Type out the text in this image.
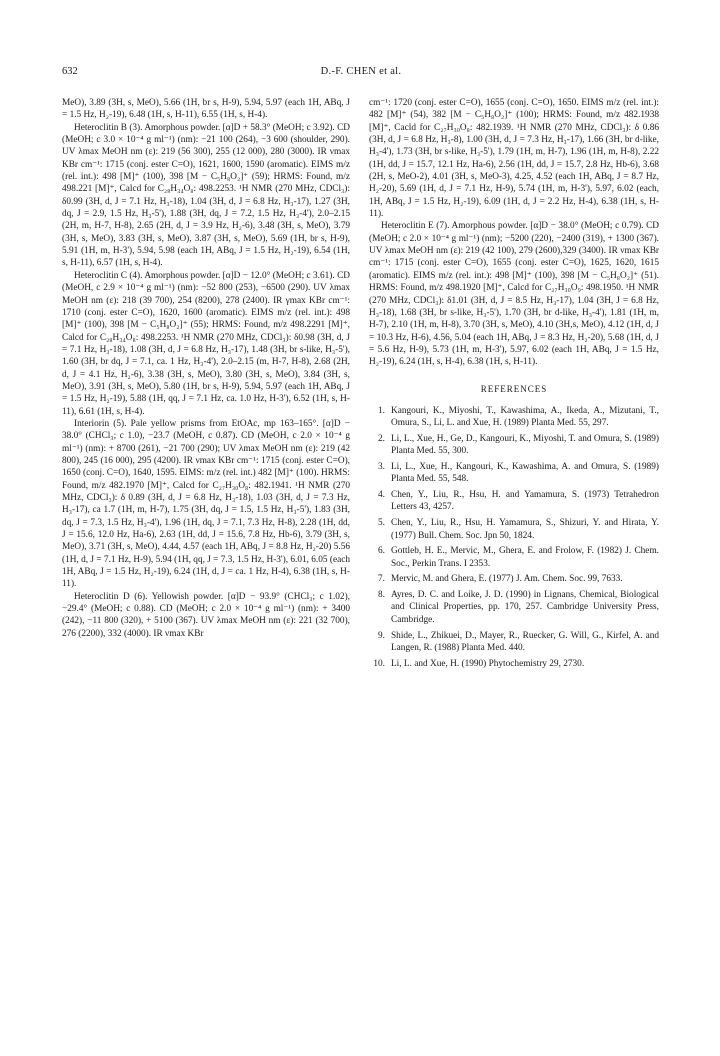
632	D.-F. CHEN et al.

MeO), 3.89 (3H, s, MeO), 5.66 (1H, br s, H-9), 5.94, 5.97 (each 1H, ABq, J = 1.5 Hz, H₂-19), 6.48 (1H, s, H-11), 6.55 (1H, s, H-4).

Heteroclitin B (3). Amorphous powder. [α]D + 58.3° (MeOH; c 3.92). CD (MeOH; c 3.0 × 10⁻⁴ g ml⁻¹) (nm): −21 100 (264), −3 600 (shoulder, 290). UV λmax MeOH nm (ε): 219 (56 300), 255 (12 000), 280 (3000). IR νmax KBr cm⁻¹: 1715 (conj. ester C=O), 1621, 1600, 1590 (aromatic). EIMS m/z (rel. int.): 498 [M]⁺ (100), 398 [M − C₅H₈O₂]⁺ (59); HRMS: Found, m/z 498.221 [M]⁺, Calcd for C₂₈H₃₄O₈: 498.2253. ¹H NMR (270 MHz, CDCl₃): δ0.99 (3H, d, J = 7.1 Hz, H₃-18), 1.04 (3H, d, J = 6.8 Hz, H₃-17), 1.27 (3H, dq, J = 2.9, 1.5 Hz, H₃-5'), 1.88 (3H, dq, J = 7.2, 1.5 Hz, H₃-4'), 2.0–2.15 (2H, m, H-7, H-8), 2.65 (2H, d, J = 3.9 Hz, H₂-6), 3.48 (3H, s, MeO), 3.79 (3H, s, MeO), 3.83 (3H, s, MeO), 3.87 (3H, s, MeO), 5.69 (1H, br s, H-9), 5.91 (1H, m, H-3'), 5.94, 5.98 (each 1H, ABq, J = 1.5 Hz, H₂-19), 6.54 (1H, s, H-11), 6.57 (1H, s, H-4).

Heteroclitin C (4). Amorphous powder. [α]D − 12.0° (MeOH; c 3.61). CD (MeOH, c 2.9 × 10⁻⁴ g ml⁻¹) (nm): −52 800 (253), −6500 (290). UV λmax MeOH nm (ε): 218 (39 700), 254 (8200), 278 (2400). IR γmax KBr cm⁻¹: 1710 (conj. ester C=O), 1620, 1600 (aromatic). EIMS m/z (rel. int.): 498 [M]⁺ (100), 398 [M − C₅H₈O₂]⁺ (55); HRMS: Found, m/z 498.2291 [M]⁺, Calcd for C₂₈H₃₄O₈: 498.2253. ¹H NMR (270 MHz, CDCl₃): δ0.98 (3H, d, J = 7.1 Hz, H₃-18), 1.08 (3H, d, J = 6.8 Hz, H₃-17), 1.48 (3H, br s-like, H₃-5'), 1.60 (3H, br dq, J = 7.1, ca. 1 Hz, H₃-4'), 2.0–2.15 (m, H-7, H-8), 2.68 (2H, d, J = 4.1 Hz, H₂-6), 3.38 (3H, s, MeO), 3.80 (3H, s, MeO), 3.84 (3H, s, MeO), 3.91 (3H, s, MeO), 5.80 (1H, br s, H-9), 5.94, 5.97 (each 1H, ABq, J = 1.5 Hz, H₂-19), 5.88 (1H, qq, J = 7.1 Hz, ca. 1.0 Hz, H-3'), 6.52 (1H, s, H-11), 6.61 (1H, s, H-4).

Interiorin (5). Pale yellow prisms from EtOAc, mp 163–165°. [α]D − 38.0° (CHCl₃; c 1.0), −23.7 (MeOH, c 0.87). CD (MeOH, c 2.0 × 10⁻⁴ g ml⁻¹) (nm): + 8700 (261), −21 700 (290); UV λmax MeOH nm (ε): 219 (42 800), 245 (16 000), 295 (4200). IR νmax KBr cm⁻¹: 1715 (conj. ester C=O), 1650 (conj. C=O), 1640, 1595. EIMS: m/z (rel. int.) 482 [M]⁺ (100). HRMS: Found, m/z 482.1970 [M]⁺, Calcd for C₂₇H₃₀O₈: 482.1941. ¹H NMR (270 MHz, CDCl₃): δ 0.89 (3H, d, J = 6.8 Hz, H₃-18), 1.03 (3H, d, J = 7.3 Hz, H₃-17), ca 1.7 (1H, m, H-7), 1.75 (3H, dq, J = 1.5, 1.5 Hz, H₃-5'), 1.83 (3H, dq, J = 7.3, 1.5 Hz, H₃-4'), 1.96 (1H, dq, J = 7.1, 7.3 Hz, H-8), 2.28 (1H, dd, J = 15.6, 12.0 Hz, Ha-6), 2.63 (1H, dd, J = 15.6, 7.8 Hz, Hb-6), 3.79 (3H, s, MeO), 3.71 (3H, s, MeO), 4.44, 4.57 (each 1H, ABq, J = 8.8 Hz, H₂-20) 5.56 (1H, d, J = 7.1 Hz, H-9), 5.94 (1H, qq, J = 7.3, 1.5 Hz, H-3'), 6.01, 6.05 (each 1H, ABq, J = 1.5 Hz, H₂-19), 6.24 (1H, d, J = ca. 1 Hz, H-4), 6.38 (1H, s, H-11).

Heteroclitin D (6). Yellowish powder. [α]D − 93.9° (CHCl₃; c 1.02), −29.4° (MeOH; c 0.88). CD (MeOH; c 2.0 × 10⁻⁴ g ml⁻¹) (nm): + 3400 (242), −11 800 (320), + 5100 (367). UV λmax MeOH nm (ε): 221 (32 700), 276 (2200), 332 (4000). IR νmax KBr

cm⁻¹: 1720 (conj. ester C=O), 1655 (conj. C=O), 1650. EIMS m/z (rel. int.): 482 [M]⁺ (54), 382 [M − C₅H₈O₂]⁺ (100); HRMS: Found, m/z 482.1938 [M]⁺, Cacld for C₂₇H₃₀O₈: 482.1939. ¹H NMR (270 MHz, CDCl₃): δ 0.86 (3H, d, J = 6.8 Hz, H₃-8), 1.00 (3H, d, J = 7.3 Hz, H₃-17), 1.66 (3H, br d-like, H₃-4'), 1.73 (3H, br s-like, H₃-5'), 1.79 (1H, m, H-7), 1.96 (1H, m, H-8), 2.22 (1H, dd, J = 15.7, 12.1 Hz, Ha-6), 2.56 (1H, dd, J = 15.7, 2.8 Hz, Hb-6), 3.68 (2H, s, MeO-2), 4.01 (3H, s, MeO-3), 4.25, 4.52 (each 1H, ABq, J = 8.7 Hz, H₂-20), 5.69 (1H, d, J = 7.1 Hz, H-9), 5.74 (1H, m, H-3'), 5.97, 6.02 (each, 1H, ABq, J = 1.5 Hz, H₂-19), 6.09 (1H, d, J = 2.2 Hz, H-4), 6.38 (1H, s, H-11).

Heteroclitin E (7). Amorphous powder. [α]D − 38.0° (MeOH; c 0.79). CD (MeOH; c 2.0 × 10⁻⁴ g ml⁻¹) (nm); −5200 (220), −2400 (319), + 1300 (367). UV λmax MeOH nm (ε): 219 (42 100), 279 (2600),329 (3400). IR νmax KBr cm⁻¹: 1715 (conj. ester C=O), 1655 (conj. ester C=O), 1625, 1620, 1615 (aromatic). EIMS m/z (rel. int.): 498 [M]⁺ (100), 398 [M − C₅H₈O₂]⁺ (51). HRMS: Found, m/z 498.1920 [M]⁺, Calcd for C₂₇H₃₀O₉: 498.1950. ¹H NMR (270 MHz, CDCl₃): δ1.01 (3H, d, J = 8.5 Hz, H₃-17), 1.04 (3H, J = 6.8 Hz, H₃-18), 1.68 (3H, br s-like, H₃-5'), 1.70 (3H, br d-like, H₃-4'), 1.81 (1H, m, H-7), 2.10 (1H, m, H-8), 3.70 (3H, s, MeO), 4.10 (3H,s, MeO), 4.12 (1H, d, J = 10.3 Hz, H-6), 4.56, 5.04 (each 1H, ABq, J = 8.3 Hz, H₂-20), 5.68 (1H, d, J = 5.6 Hz, H-9), 5.73 (1H, m, H-3'), 5.97, 6.02 (each 1H, ABq, J = 1.5 Hz, H₂-19), 6.24 (1H, s, H-4), 6.38 (1H, s, H-11).

REFERENCES
1. Kangouri, K., Miyoshi, T., Kawashima, A., Ikeda, A., Mizutani, T., Omura, S., Li, L. and Xue, H. (1989) Planta Med. 55, 297.
2. Li, L., Xue, H., Ge, D., Kangouri, K., Miyoshi, T. and Omura, S. (1989) Planta Med. 55, 300.
3. Li, L., Xue, H., Kangouri, K., Kawashima, A. and Omura, S. (1989) Planta Med. 55, 548.
4. Chen, Y., Liu, R., Hsu, H. and Yamamura, S. (1973) Tetrahedron Letters 43, 4257.
5. Chen, Y., Liu, R., Hsu, H. Yamamura, S., Shizuri, Y. and Hirata, Y. (1977) Bull. Chem. Soc. Jpn 50, 1824.
6. Gottleb, H. E., Mervic, M., Ghera, E. and Frolow, F. (1982) J. Chem. Soc., Perkin Trans. I 2353.
7. Mervic, M. and Ghera, E. (1977) J. Am. Chem. Soc. 99, 7633.
8. Ayres, D. C. and Loike, J. D. (1990) in Lignans, Chemical, Biological and Clinical Properties, pp. 170, 257. Cambridge University Press, Cambridge.
9. Shide, L., Zhikuei, D., Mayer, R., Rueckeг, G. Will, G., Kirfel, A. and Langen, R. (1988) Planta Med. 440.
10. Li, L. and Xue, H. (1990) Phytochemistry 29, 2730.
